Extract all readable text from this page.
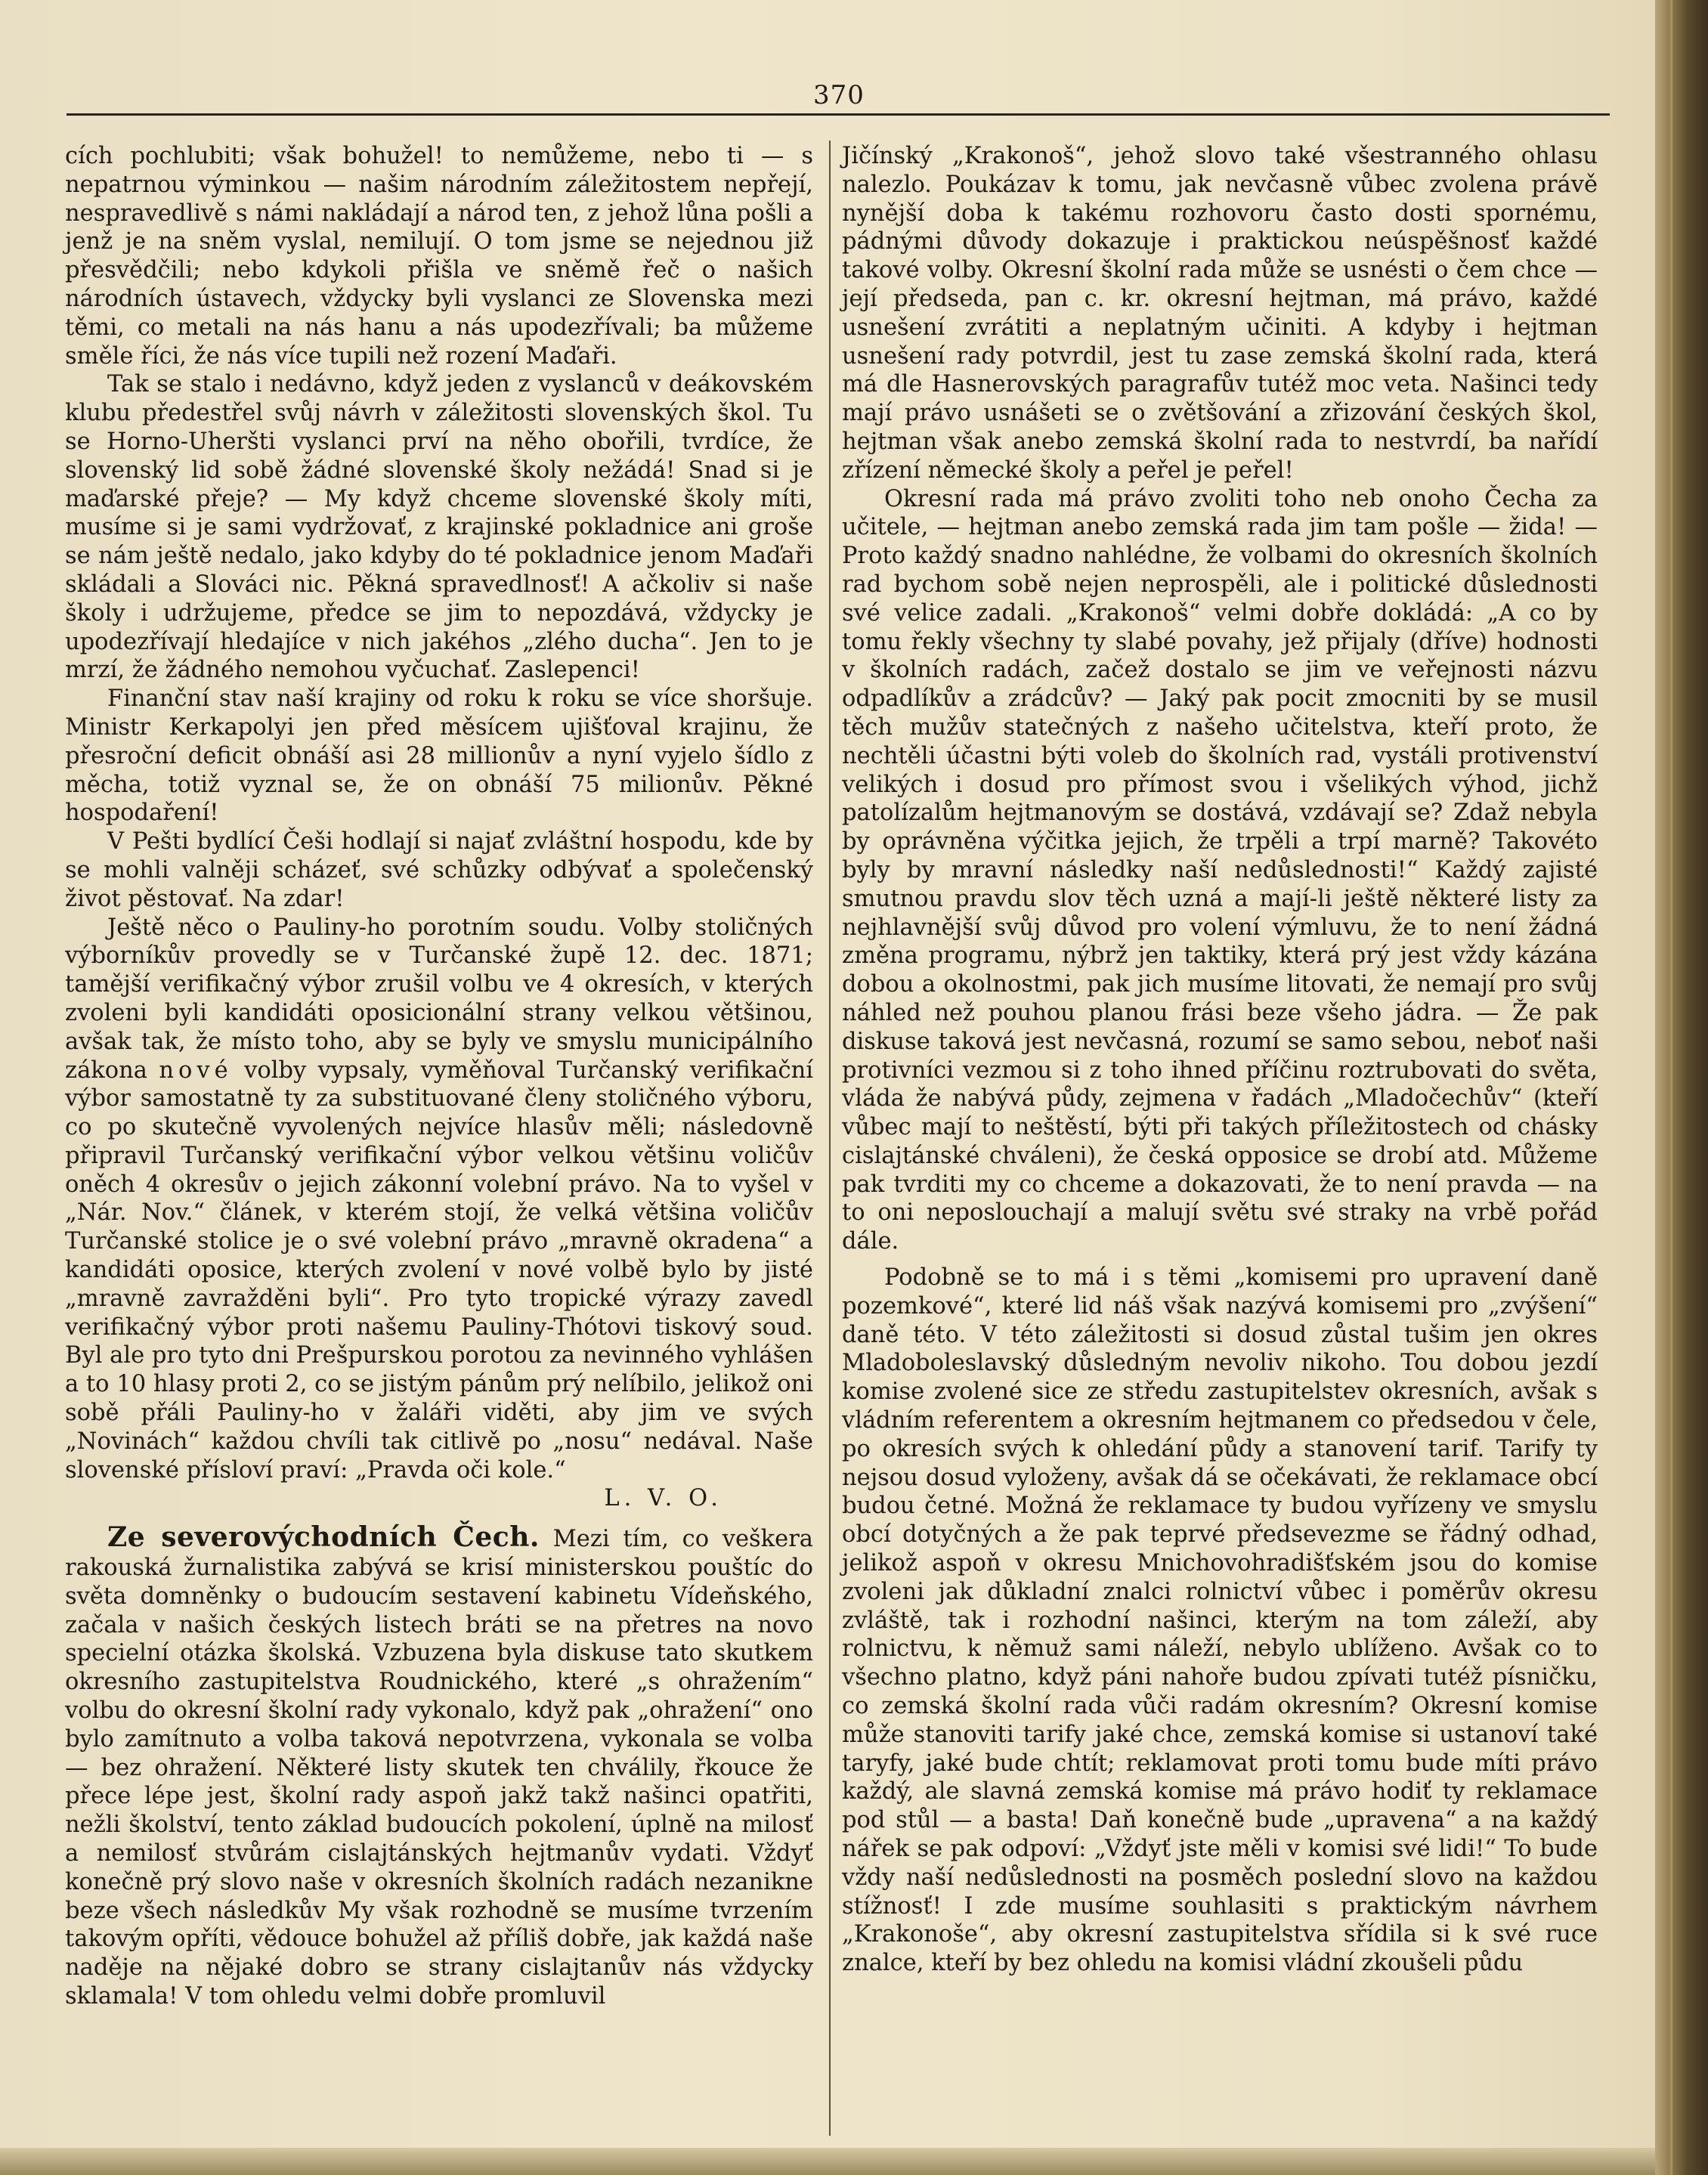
370

cích pochlubiti; však bohužel! to nemůžeme, nebo ti — s nepatrnou výminkou — našim národním záležitostem nepřejí, nespravedlivě s námi nakládají a národ ten, z jehož lůna pošli a jenž je na sněm vyslal, nemilují. O tom jsme se nejednou již přesvědčili; nebo kdykoli přišla ve sněmě řeč o našich národních ústavech, vždycky byli vyslanci ze Slovenska mezi těmi, co metali na nás hanu a nás upodezřívali; ba můžeme směle říci, že nás více tupili než rození Maďaři.

Tak se stalo i nedávno, když jeden z vyslanců v deákovském klubu předestřel svůj návrh v záležitosti slovenských škol. Tu se Horno-Uheršti vyslanci prví na něho obořili, tvrdíce, že slovenský lid sobě žádné slovenské školy nežádá! Snad si je maďarské přeje? — My když chceme slovenské školy míti, musíme si je sami vydržovať, z krajinské pokladnice ani groše se nám ještě nedalo, jako kdyby do té pokladnice jenom Maďaři skládali a Slováci nic. Pěkná spravedlnosť! A ačkoliv si naše školy i udržujeme, předce se jim to nepozdává, vždycky je upodezřívají hledajíce v nich jakéhos „zlého ducha“. Jen to je mrzí, že žádného nemohou vyčuchať. Zaslepenci!

Finanční stav naší krajiny od roku k roku se více shoršuje. Ministr Kerkapolyi jen před měsícem ujišťoval krajinu, že přesroční deficit obnáší asi 28 millionův a nyní vyjelo šídlo z měcha, totiž vyznal se, že on obnáší 75 milionův. Pěkné hospodaření!

V Pešti bydlící Češi hodlají si najať zvláštní hospodu, kde by se mohli valněji scházeť, své schůzky odbývať a společenský život pěstovať. Na zdar!

Ještě něco o Pauliny-ho porotním soudu. Volby stoličných výborníkův provedly se v Turčanské župě 12. dec. 1871; tamější verifikačný výbor zrušil volbu ve 4 okresích, v kterých zvoleni byli kandidáti oposicionální strany velkou většinou, avšak tak, že místo toho, aby se byly ve smyslu municipálního zákona nové volby vypsaly, vyměňoval Turčanský verifikační výbor samostatně ty za substituované členy stoličného výboru, co po skutečně vyvolených nejvíce hlasův měli; následovně připravil Turčanský verifikační výbor velkou většinu voličův oněch 4 okresův o jejich zákonní volební právo. Na to vyšel v „Nár. Nov.“ článek, v kterém stojí, že velká většina voličův Turčanské stolice je o své volební právo „mravně okradena“ a kandidáti oposice, kterých zvolení v nové volbě bylo by jisté „mravně zavražděni byli“. Pro tyto tropické výrazy zavedl verifikačný výbor proti našemu Pauliny-Thótovi tiskový soud. Byl ale pro tyto dni Prešpurskou porotou za nevinného vyhlášen a to 10 hlasy proti 2, co se jistým pánům prý nelíbilo, jelikož oni sobě přáli Pauliny-ho v žaláři viděti, aby jim ve svých „Novinách“ každou chvíli tak citlivě po „nosu“ nedával. Naše slovenské přísloví praví: „Pravda oči kole.“

L. V. O.

Ze severovýchodních Čech. Mezi tím, co veškera rakouská žurnalistika zabývá se krisí ministerskou pouštíc do světa domněnky o budoucím sestavení kabinetu Vídeňského, začala v našich českých listech bráti se na přetres na novo specielní otázka školská. Vzbuzena byla diskuse tato skutkem okresního zastupitelstva Roudnického, které „s ohražením“ volbu do okresní školní rady vykonalo, když pak „ohražení“ ono bylo zamítnuto a volba taková nepotvrzena, vykonala se volba — bez ohražení. Některé listy skutek ten chválily, řkouce že přece lépe jest, školní rady aspoň jakž takž našinci opatřiti, nežli školství, tento základ budoucích pokolení, úplně na milosť a nemilosť stvůrám cislajtánských hejtmanův vydati. Vždyť konečně prý slovo naše v okresních školních radách nezanikne beze všech následkův My však rozhodně se musíme tvrzením takovým opříti, vědouce bohužel až příliš dobře, jak každá naše naděje na nějaké dobro se strany cislajtanův nás vždycky sklamala! V tom ohledu velmi dobře promluvil

Jičínský „Krakonoš“, jehož slovo také všestranného ohlasu nalezlo. Poukázav k tomu, jak nevčasně vůbec zvolena právě nynější doba k takému rozhovoru často dosti spornému, pádnými důvody dokazuje i praktickou neúspěšnosť každé takové volby. Okresní školní rada může se usnésti o čem chce — její předseda, pan c. kr. okresní hejtman, má právo, každé usnešení zvrátiti a neplatným učiniti. A kdyby i hejtman usnešení rady potvrdil, jest tu zase zemská školní rada, která má dle Hasnerovských paragrafův tutéž moc veta. Našinci tedy mají právo usnášeti se o zvětšování a zřizování českých škol, hejtman však anebo zemská školní rada to nestvrdí, ba nařídí zřízení německé školy a peřel je peřel!

Okresní rada má právo zvoliti toho neb onoho Čecha za učitele, — hejtman anebo zemská rada jim tam pošle — žida! — Proto každý snadno nahlédne, že volbami do okresních školních rad bychom sobě nejen neprospěli, ale i politické důslednosti své velice zadali. „Krakonoš“ velmi dobře dokládá: „A co by tomu řekly všechny ty slabé povahy, jež přijaly (dříve) hodnosti v školních radách, začež dostalo se jim ve veřejnosti názvu odpadlíkův a zrádcův? — Jaký pak pocit zmocniti by se musil těch mužův statečných z našeho učitelstva, kteří proto, že nechtěli účastni býti voleb do školních rad, vystáli protivenství velikých i dosud pro přímost svou i všelikých výhod, jichž patolízalům hejtmanovým se dostává, vzdávají se? Zdaž nebyla by oprávněna výčitka jejich, že trpěli a trpí marně? Takovéto byly by mravní následky naší nedůslednosti!“ Každý zajisté smutnou pravdu slov těch uzná a mají-li ještě některé listy za nejhlavnější svůj důvod pro volení výmluvu, že to není žádná změna programu, nýbrž jen taktiky, která prý jest vždy kázána dobou a okolnostmi, pak jich musíme litovati, že nemají pro svůj náhled než pouhou planou frási beze všeho jádra. — Že pak diskuse taková jest nevčasná, rozumí se samo sebou, neboť naši protivníci vezmou si z toho ihned příčinu roztrubovati do světa, vláda že nabývá půdy, zejmena v řadách „Mladočechův“ (kteří vůbec mají to neštěstí, býti při takých příležitostech od chásky cislajtánské chváleni), že česká opposice se drobí atd. Můžeme pak tvrditi my co chceme a dokazovati, že to není pravda — na to oni neposlouchají a malují světu své straky na vrbě pořád dále.

Podobně se to má i s těmi „komisemi pro upravení daně pozemkové“, které lid náš však nazývá komisemi pro „zvýšení“ daně této. V této záležitosti si dosud zůstal tušim jen okres Mladoboleslavský důsledným nevoliv nikoho. Tou dobou jezdí komise zvolené sice ze středu zastupitelstev okresních, avšak s vládním referentem a okresním hejtmanem co předsedou v čele, po okresích svých k ohledání půdy a stanovení tarif. Tarify ty nejsou dosud vyloženy, avšak dá se očekávati, že reklamace obcí budou četné. Možná že reklamace ty budou vyřízeny ve smyslu obcí dotyčných a že pak teprvé předsevezme se řádný odhad, jelikož aspoň v okresu Mnichovohradišťském jsou do komise zvoleni jak důkladní znalci rolnictví vůbec i poměrův okresu zvláště, tak i rozhodní našinci, kterým na tom záleží, aby rolnictvu, k němuž sami náleží, nebylo ublíženo. Avšak co to všechno platno, když páni nahoře budou zpívati tutéž písničku, co zemská školní rada vůči radám okresním? Okresní komise může stanoviti tarify jaké chce, zemská komise si ustanoví také taryfy, jaké bude chtít; reklamovat proti tomu bude míti právo každý, ale slavná zemská komise má právo hodiť ty reklamace pod stůl — a basta! Daň konečně bude „upravena“ a na každý nářek se pak odpoví: „Vždyť jste měli v komisi své lidi!“ To bude vždy naší nedůslednosti na posměch poslední slovo na každou stížnosť! I zde musíme souhlasiti s praktickým návrhem „Krakonoše“, aby okresní zastupitelstva sřídila si k své ruce znalce, kteří by bez ohledu na komisi vládní zkoušeli půdu
